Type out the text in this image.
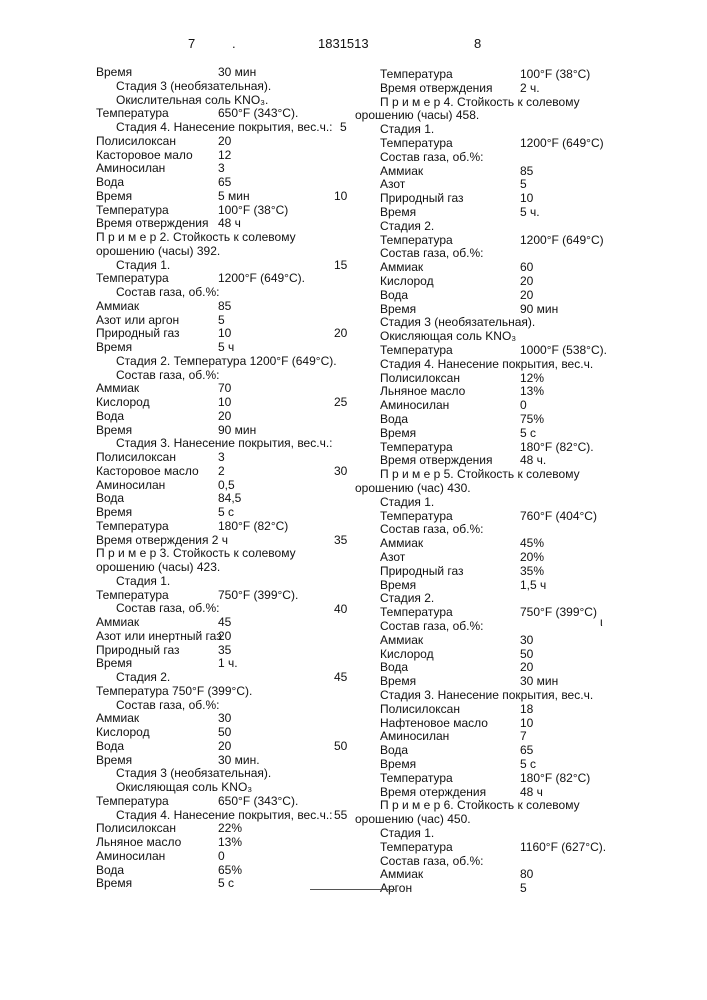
7	.	1831513	8
Время	30 мин
Стадия 3 (необязательная).
Окислительная соль KNO₃.
Температура	650°F (343°C).
Стадия 4. Нанесение покрытия, вес.ч.:
Полисилоксан	20
Касторовое мало 12
Аминосилан	3
Вода	65
Время	5 мин
Температура	100°F (38°C)
Время отверждения 48 ч
П р и м е р 2. Стойкость к солевому
орошению (часы) 392.
Стадия 1.
Температура	1200°F (649°C).
Состав газа, об.%:
Аммиак	85
Азот или аргон	5
Природный газ	10
Время	5 ч
Стадия 2. Температура 1200°F (649°C).
Состав газа, об.%:
Аммиак	70
Кислород	10
Вода	20
Время	90 мин
Стадия 3. Нанесение покрытия, вес.ч.:
Полисилоксан	3
Касторовое масло 2
Аминосилан	0,5
Вода	84,5
Время	5 с
Температура	180°F (82°C)
Время отверждения 2 ч
П р и м е р 3. Стойкость к солевому
орошению (часы) 423.
Стадия 1.
Температура	750°F (399°C).
Состав газа, об.%:
Аммиак	45
Азот или инертный газ
20
Природный газ	35
Время	1 ч.
Стадия 2.
Температура 750°F (399°C).
Состав газа, об.%:
Аммиак	30
Кислород	50
Вода	20
Время	30 мин.
Стадия 3 (необязательная).
Окисляющая соль KNO₃
Температура	650°F (343°C).
Стадия 4. Нанесение покрытия, вес.ч.:
Полисилоксан	22%
Льняное масло	13%
Аминосилан	0
Вода	65%
Время	5 с
Температура	100°F (38°C)
Время отверждения 2 ч.
П р и м е р 4. Стойкость к солевому
орошению (часы) 458.
Стадия 1.
Температура	1200°F (649°C)
Состав газа, об.%:
Аммиак	85
Азот	5
Природный газ	10
Время	5 ч.
Стадия 2.
Температура	1200°F (649°C)
Состав газа, об.%:
Аммиак	60
Кислород	20
Вода	20
Время	90 мин
Стадия 3 (необязательная).
Окисляющая соль KNO₃
Температура	1000°F (538°C).
Стадия 4. Нанесение покрытия, вес.ч.
Полисилоксан	12%
Льняное масло	13%
Аминосилан	0
Вода	75%
Время	5 с
Температура	180°F (82°C).
Время отверждения 48 ч.
П р и м е р 5. Стойкость к солевому
орошению (час) 430.
Стадия 1.
Температура	760°F (404°C)
Состав газа, об.%:
Аммиак	45%
Азот	20%
Природный газ	35%
Время	1,5 ч
Стадия 2.
Температура	750°F (399°C)
Состав газа, об.%:
Аммиак	30
Кислород	50
Вода	20
Время	30 мин
Стадия 3. Нанесение покрытия, вес.ч.
Полисилоксан	18
Нафтеновое масло	10
Аминосилан	7
Вода	65
Время	5 с
Температура	180°F (82°C)
Время отерждения	48 ч
П р и м е р 6. Стойкость к солевому
орошению (час) 450.
Стадия 1.
Температура	1160°F (627°C).
Состав газа, об.%:
Аммиак	80
Аргон	5
5
10
15
20
25
30
35
40
45
50
55
ι
